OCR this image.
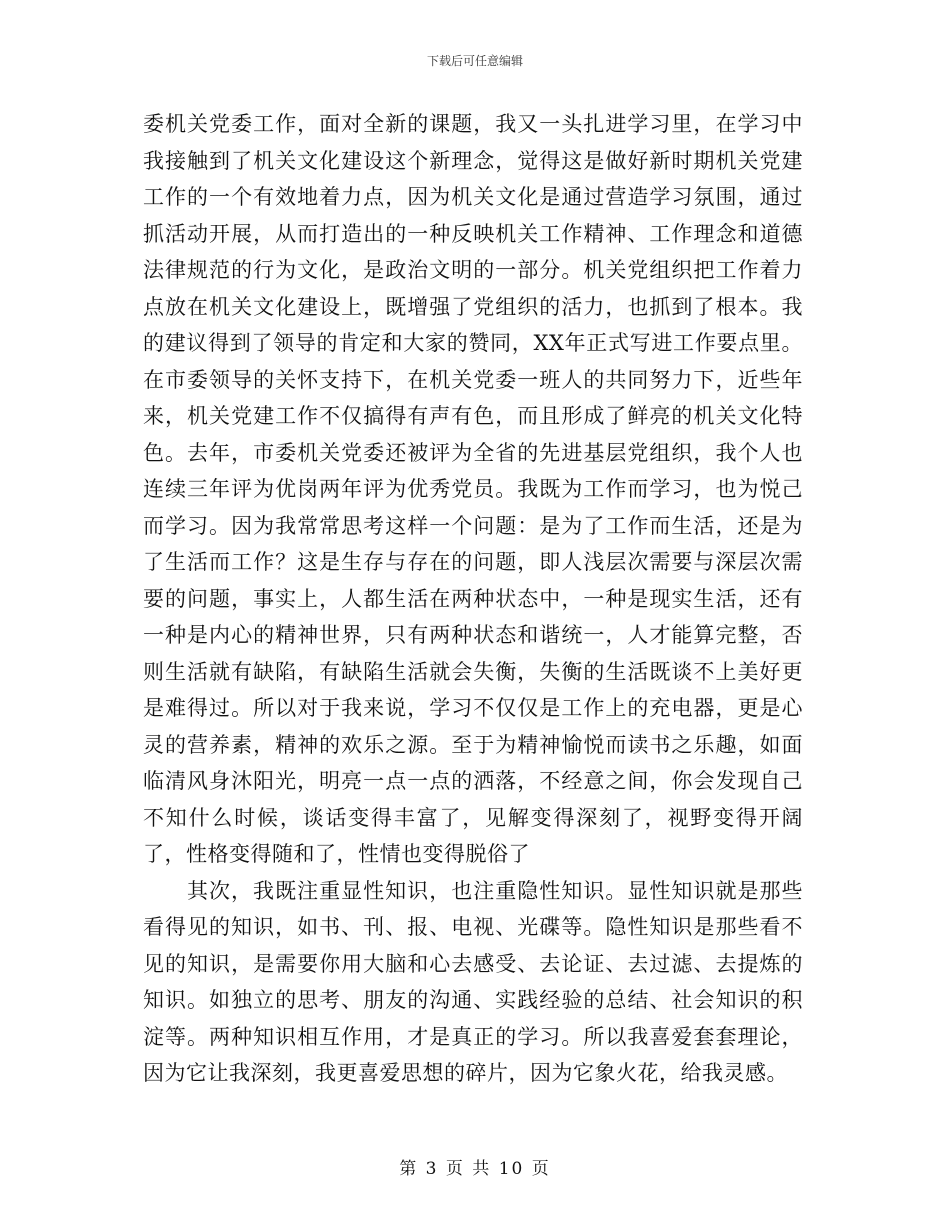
下载后可任意编辑

委机关党委工作，面对全新的课题，我又一头扎进学习里，在学习中我接触到了机关文化建设这个新理念，觉得这是做好新时期机关党建工作的一个有效地着力点，因为机关文化是通过营造学习氛围，通过抓活动开展，从而打造出的一种反映机关工作精神、工作理念和道德法律规范的行为文化，是政治文明的一部分。机关党组织把工作着力点放在机关文化建设上，既增强了党组织的活力，也抓到了根本。我的建议得到了领导的肯定和大家的赞同，XX年正式写进工作要点里。在市委领导的关怀支持下，在机关党委一班人的共同努力下，近些年来，机关党建工作不仅搞得有声有色，而且形成了鲜亮的机关文化特色。去年，市委机关党委还被评为全省的先进基层党组织，我个人也连续三年评为优岗两年评为优秀党员。我既为工作而学习，也为悦己而学习。因为我常常思考这样一个问题：是为了工作而生活，还是为了生活而工作？这是生存与存在的问题，即人浅层次需要与深层次需要的问题，事实上，人都生活在两种状态中，一种是现实生活，还有一种是内心的精神世界，只有两种状态和谐统一，人才能算完整，否则生活就有缺陷，有缺陷生活就会失衡，失衡的生活既谈不上美好更是难得过。所以对于我来说，学习不仅仅是工作上的充电器，更是心灵的营养素，精神的欢乐之源。至于为精神愉悦而读书之乐趣，如面临清风身沐阳光，明亮一点一点的洒落，不经意之间，你会发现自己不知什么时候，谈话变得丰富了，见解变得深刻了，视野变得开阔了，性格变得随和了，性情也变得脱俗了

其次，我既注重显性知识，也注重隐性知识。显性知识就是那些看得见的知识，如书、刊、报、电视、光碟等。隐性知识是那些看不见的知识，是需要你用大脑和心去感受、去论证、去过滤、去提炼的知识。如独立的思考、朋友的沟通、实践经验的总结、社会知识的积淀等。两种知识相互作用，才是真正的学习。所以我喜爱套套理论，因为它让我深刻，我更喜爱思想的碎片，因为它象火花，给我灵感。

第 3 页 共 10 页
